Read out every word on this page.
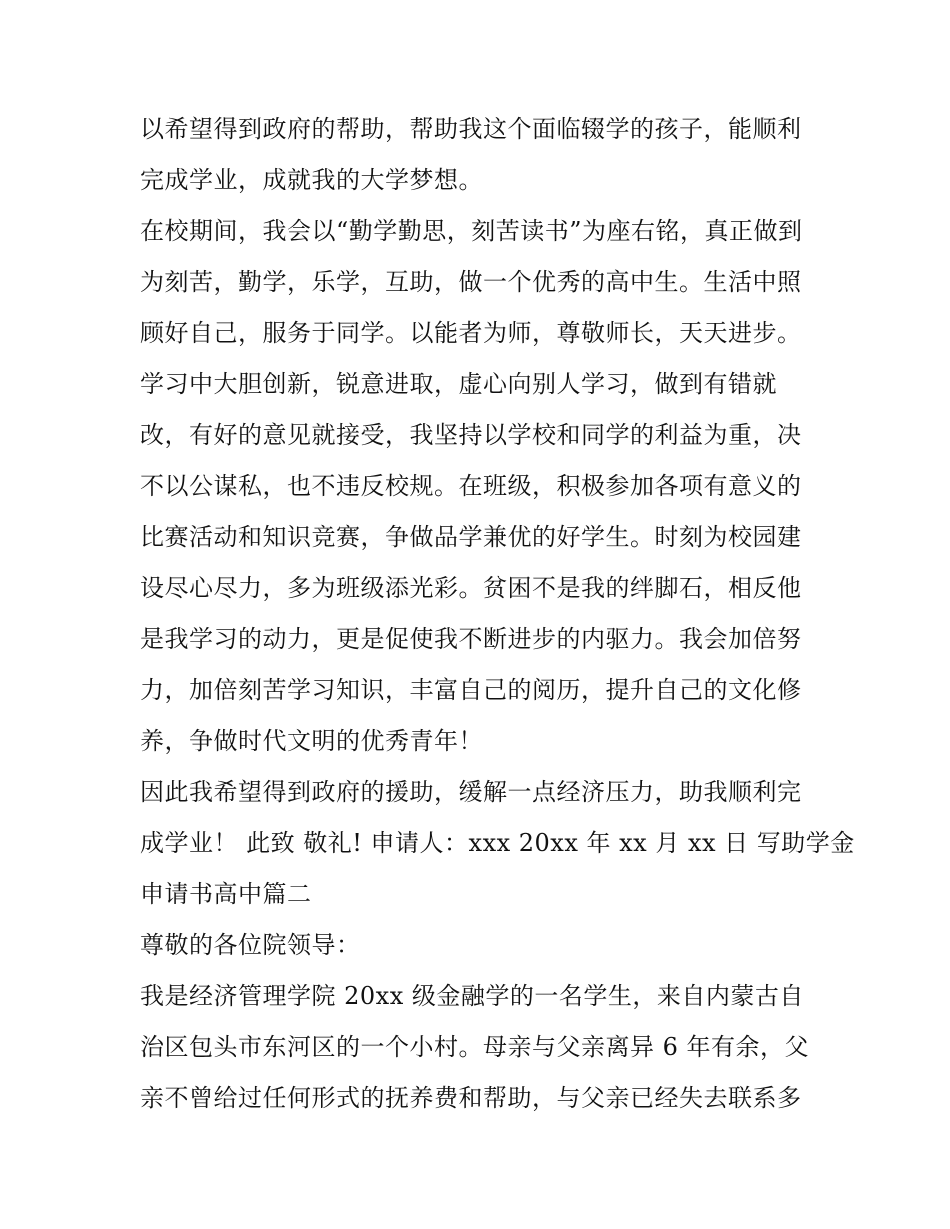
以希望得到政府的帮助，帮助我这个面临辍学的孩子，能顺利
完成学业，成就我的大学梦想。
在校期间，我会以“勤学勤思，刻苦读书”为座右铭，真正做到
为刻苦，勤学，乐学，互助，做一个优秀的高中生。生活中照
顾好自己，服务于同学。以能者为师，尊敬师长，天天进步。
学习中大胆创新，锐意进取，虚心向别人学习，做到有错就
改，有好的意见就接受，我坚持以学校和同学的利益为重，决
不以公谋私，也不违反校规。在班级，积极参加各项有意义的
比赛活动和知识竞赛，争做品学兼优的好学生。时刻为校园建
设尽心尽力，多为班级添光彩。贫困不是我的绊脚石，相反他
是我学习的动力，更是促使我不断进步的内驱力。我会加倍努
力，加倍刻苦学习知识，丰富自己的阅历，提升自己的文化修
养，争做时代文明的优秀青年！
因此我希望得到政府的援助，缓解一点经济压力，助我顺利完
成学业！ 此致 敬礼! 申请人：xxx 20xx 年 xx 月 xx 日 写助学金
申请书高中篇二
尊敬的各位院领导：
我是经济管理学院 20xx 级金融学的一名学生，来自内蒙古自
治区包头市东河区的一个小村。母亲与父亲离异 6 年有余，父
亲不曾给过任何形式的抚养费和帮助，与父亲已经失去联系多
